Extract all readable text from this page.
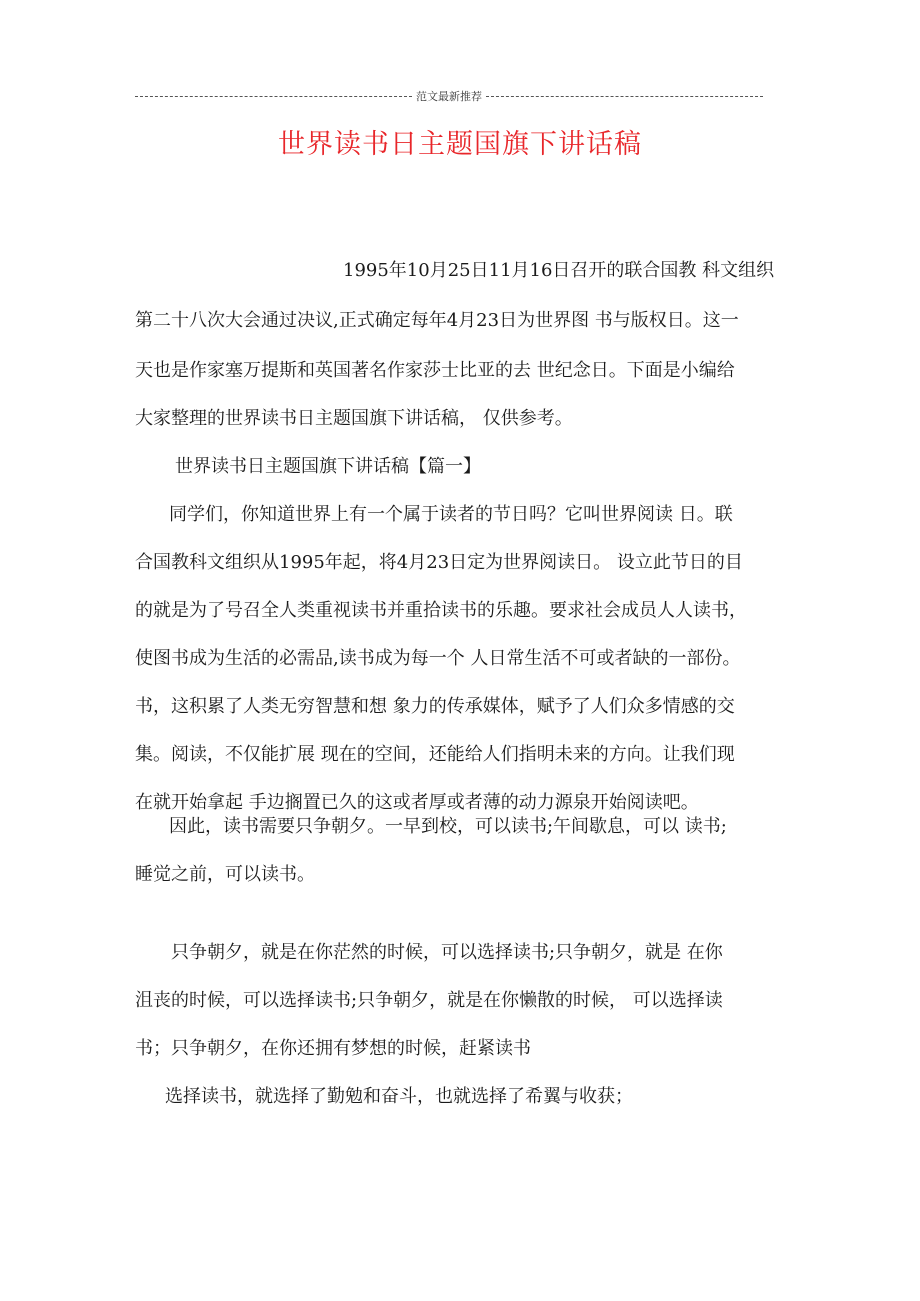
范文最新推荐
世界读书日主题国旗下讲话稿
1995年10月25日11月16日召开的联合国教 科文组织
第二十八次大会通过决议,正式确定每年4月23日为世界图 书与版权日。这一
天也是作家塞万提斯和英国著名作家莎士比亚的去 世纪念日。下面是小编给
大家整理的世界读书日主题国旗下讲话稿， 仅供参考。
世界读书日主题国旗下讲话稿【篇一】
同学们，你知道世界上有一个属于读者的节日吗？它叫世界阅读 日。联
合国教科文组织从1995年起，将4月23日定为世界阅读日。 设立此节日的目
的就是为了号召全人类重视读书并重拾读书的乐趣。要求社会成员人人读书，
使图书成为生活的必需品,读书成为每一个 人日常生活不可或者缺的一部份。
书，这积累了人类无穷智慧和想 象力的传承媒体，赋予了人们众多情感的交
集。阅读，不仅能扩展 现在的空间，还能给人们指明未来的方向。让我们现
在就开始拿起 手边搁置已久的这或者厚或者薄的动力源泉开始阅读吧。
因此，读书需要只争朝夕。一早到校，可以读书;午间歇息，可以 读书;
睡觉之前，可以读书。
只争朝夕，就是在你茫然的时候，可以选择读书;只争朝夕，就是 在你
沮丧的时候，可以选择读书;只争朝夕，就是在你懒散的时候， 可以选择读
书；只争朝夕，在你还拥有梦想的时候，赶紧读书
选择读书，就选择了勤勉和奋斗，也就选择了希翼与收获；
